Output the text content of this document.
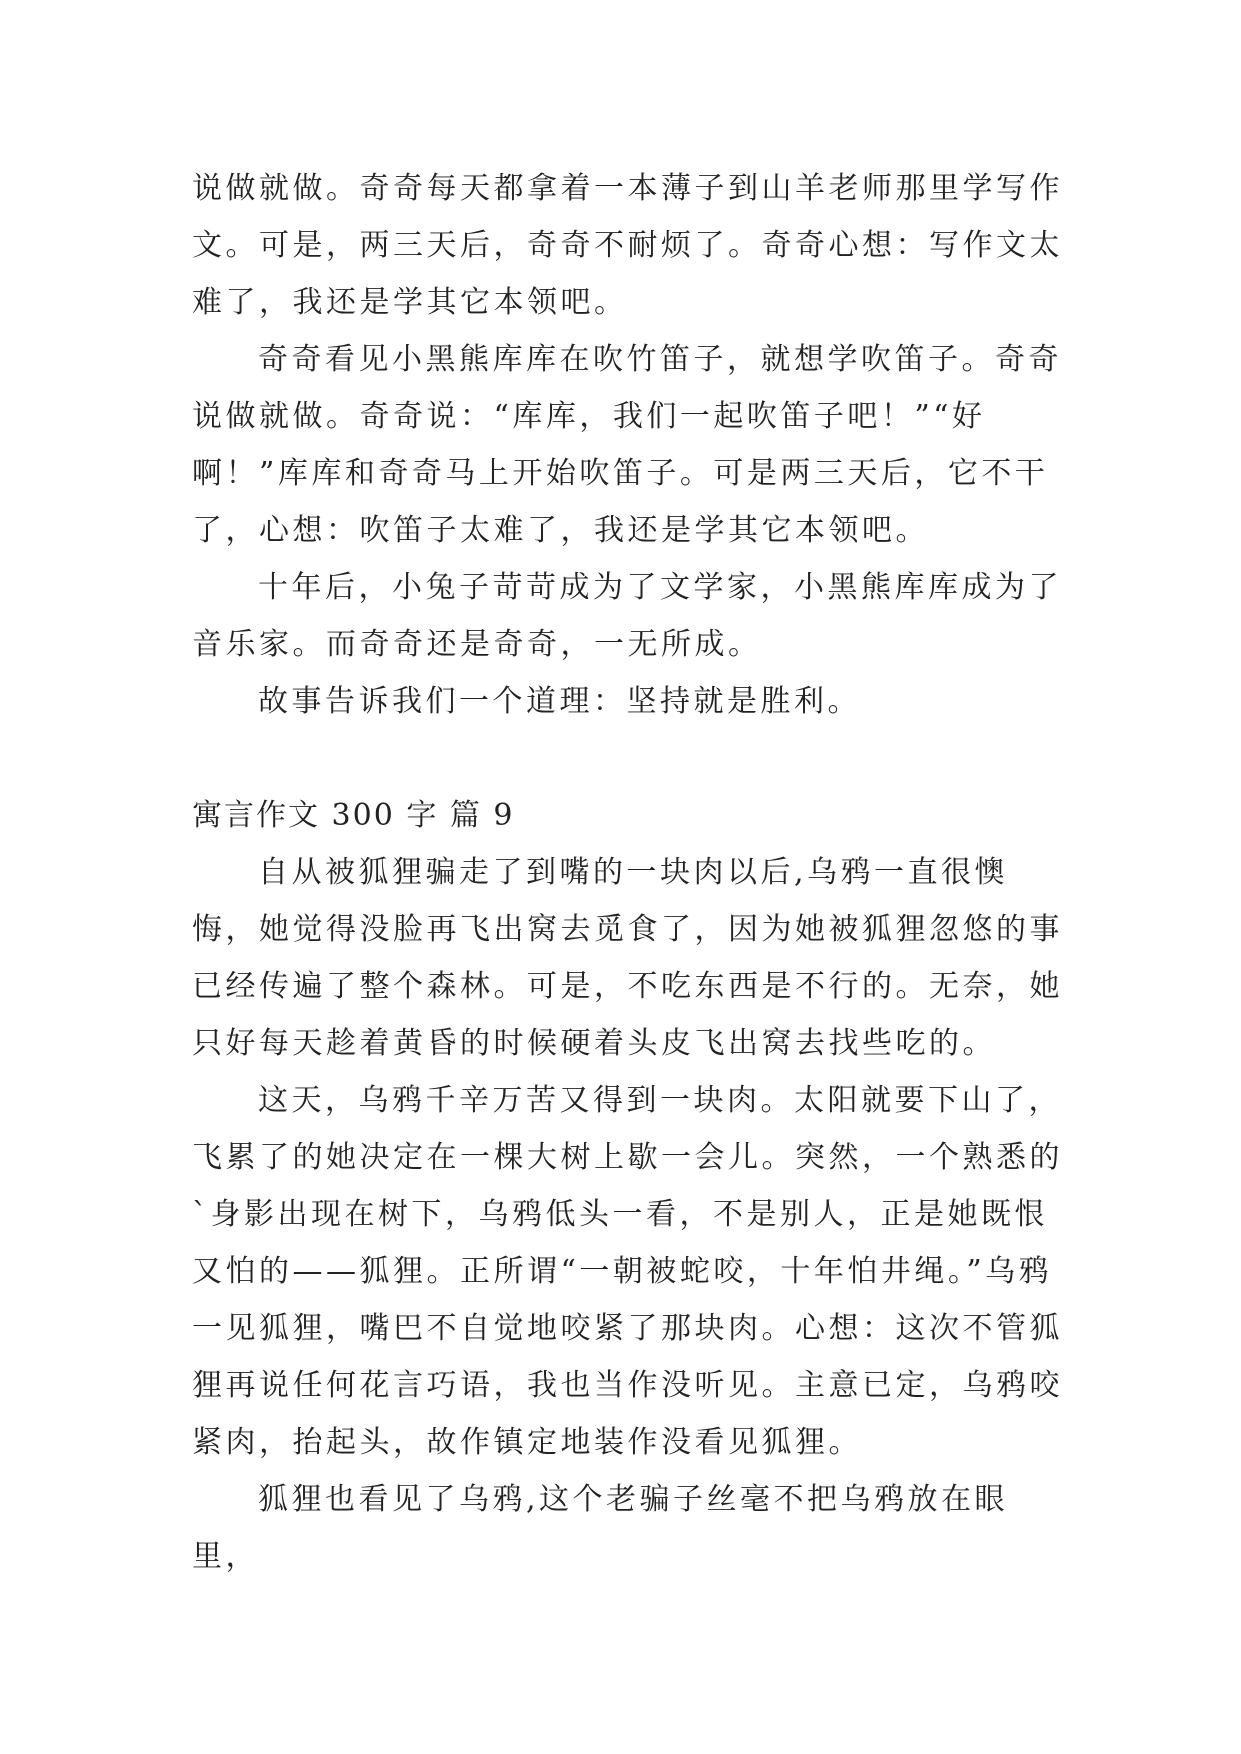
说做就做。奇奇每天都拿着一本薄子到山羊老师那里学写作文。可是，两三天后，奇奇不耐烦了。奇奇心想：写作文太难了，我还是学其它本领吧。

奇奇看见小黑熊库库在吹竹笛子，就想学吹笛子。奇奇说做就做。奇奇说：“库库，我们一起吹笛子吧！”“好啊！”库库和奇奇马上开始吹笛子。可是两三天后，它不干了，心想：吹笛子太难了，我还是学其它本领吧。

十年后，小兔子苛苛成为了文学家，小黑熊库库成为了音乐家。而奇奇还是奇奇，一无所成。

故事告诉我们一个道理：坚持就是胜利。

寓言作文 300 字 篇 9

自从被狐狸骗走了到嘴的一块肉以后,乌鸦一直很懊悔，她觉得没脸再飞出窝去觅食了，因为她被狐狸忽悠的事已经传遍了整个森林。可是，不吃东西是不行的。无奈，她只好每天趁着黄昏的时候硬着头皮飞出窝去找些吃的。

这天，乌鸦千辛万苦又得到一块肉。太阳就要下山了，飞累了的她决定在一棵大树上歇一会儿。突然，一个熟悉的`身影出现在树下，乌鸦低头一看，不是别人，正是她既恨又怕的——狐狸。正所谓“一朝被蛇咬，十年怕井绳。”乌鸦一见狐狸，嘴巴不自觉地咬紧了那块肉。心想：这次不管狐狸再说任何花言巧语，我也当作没听见。主意已定，乌鸦咬紧肉，抬起头，故作镇定地装作没看见狐狸。

狐狸也看见了乌鸦,这个老骗子丝毫不把乌鸦放在眼里，
